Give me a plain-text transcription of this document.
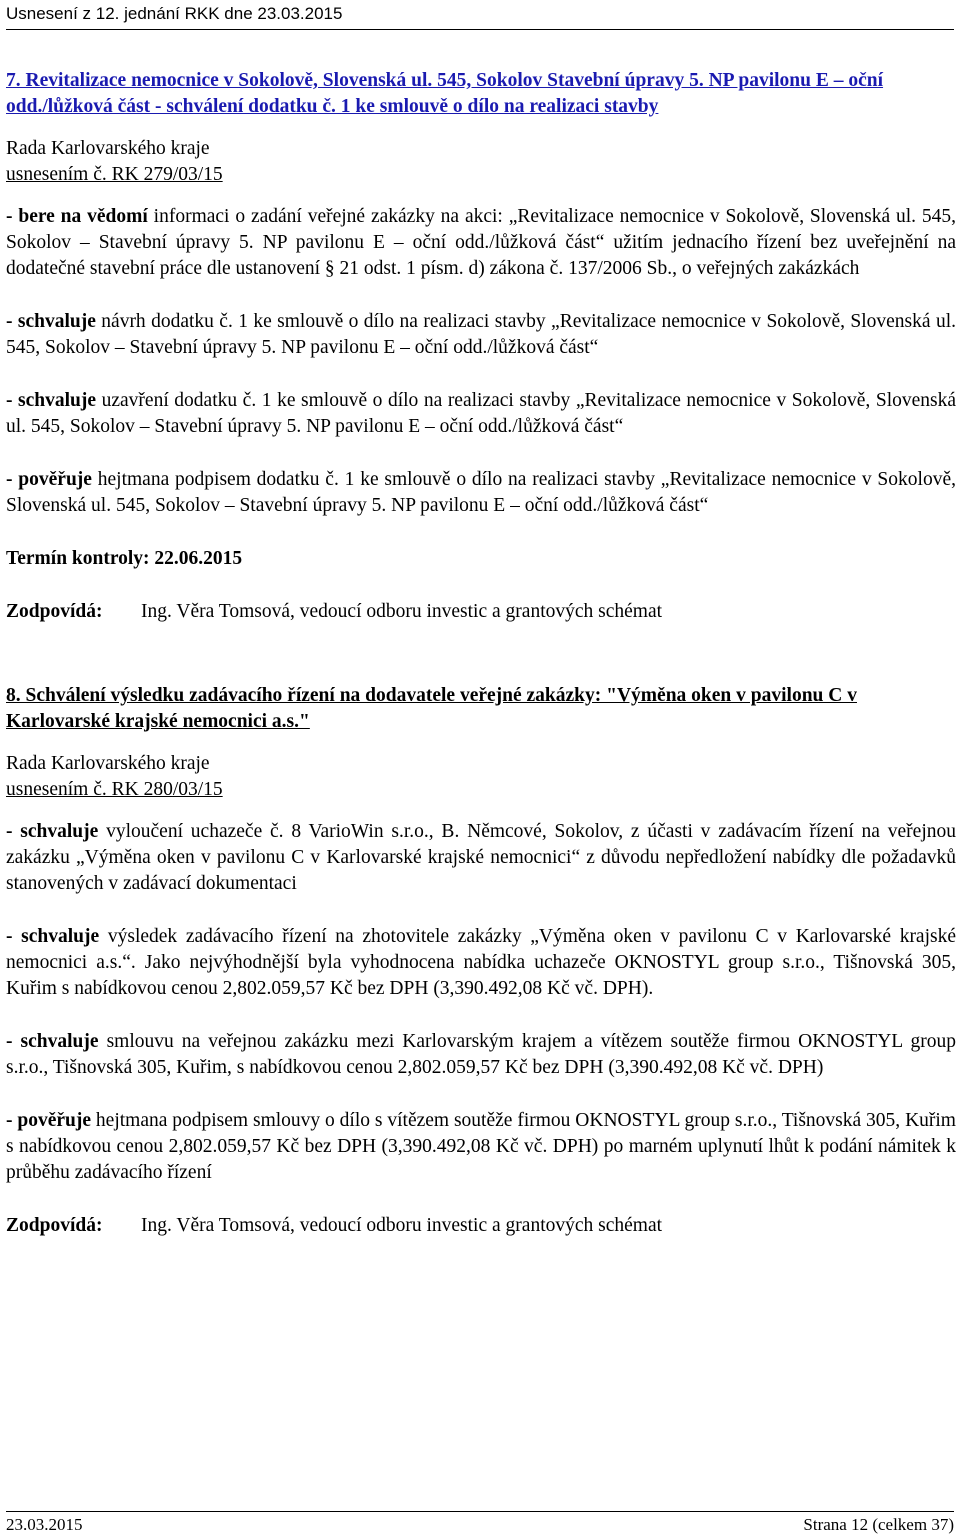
Usnesení z 12. jednání RKK dne 23.03.2015

7. Revitalizace nemocnice v Sokolově, Slovenská ul. 545, Sokolov Stavební úpravy 5. NP pavilonu E – oční odd./lůžková část - schválení dodatku č. 1 ke smlouvě o dílo na realizaci stavby

Rada Karlovarského kraje

usnesením č. RK 279/03/15

- bere na vědomí informaci o zadání veřejné zakázky na akci: „Revitalizace nemocnice v Sokolově, Slovenská ul. 545, Sokolov – Stavební úpravy 5. NP pavilonu E – oční odd./lůžková část“ užitím jednacího řízení bez uveřejnění na dodatečné stavební práce dle ustanovení § 21 odst. 1 písm. d) zákona č. 137/2006 Sb., o veřejných zakázkách

- schvaluje návrh dodatku č. 1 ke smlouvě o dílo na realizaci stavby „Revitalizace nemocnice v Sokolově, Slovenská ul. 545, Sokolov – Stavební úpravy 5. NP pavilonu E – oční odd./lůžková část“

- schvaluje uzavření dodatku č. 1 ke smlouvě o dílo na realizaci stavby „Revitalizace nemocnice v Sokolově, Slovenská ul. 545, Sokolov – Stavební úpravy 5. NP pavilonu E – oční odd./lůžková část“

- pověřuje hejtmana podpisem dodatku č. 1 ke smlouvě o dílo na realizaci stavby „Revitalizace nemocnice v Sokolově, Slovenská ul. 545, Sokolov – Stavební úpravy 5. NP pavilonu E – oční odd./lůžková část“

Termín kontroly: 22.06.2015

Zodpovídá:	Ing. Věra Tomsová, vedoucí odboru investic a grantových schémat

8. Schválení výsledku zadávacího řízení na dodavatele veřejné zakázky: "Výměna oken v pavilonu C v Karlovarské krajské nemocnici a.s."

Rada Karlovarského kraje

usnesením č. RK 280/03/15

- schvaluje vyloučení uchazeče č. 8 VarioWin s.r.o., B. Němcové, Sokolov, z účasti v zadávacím řízení na veřejnou zakázku „Výměna oken v pavilonu C v Karlovarské krajské nemocnici“ z důvodu nepředložení nabídky dle požadavků stanovených v zadávací dokumentaci

- schvaluje výsledek zadávacího řízení na zhotovitele zakázky „Výměna oken v pavilonu C v Karlovarské krajské nemocnici a.s.“. Jako nejvýhodnější byla vyhodnocena nabídka uchazeče OKNOSTYL group s.r.o., Tišnovská 305, Kuřim s nabídkovou cenou 2,802.059,57 Kč bez DPH (3,390.492,08 Kč vč. DPH).

- schvaluje smlouvu na veřejnou zakázku mezi Karlovarským krajem a vítězem soutěže firmou OKNOSTYL group s.r.o., Tišnovská 305, Kuřim, s nabídkovou cenou 2,802.059,57 Kč bez DPH (3,390.492,08 Kč vč. DPH)

- pověřuje hejtmana podpisem smlouvy o dílo s vítězem soutěže firmou OKNOSTYL group s.r.o., Tišnovská 305, Kuřim s nabídkovou cenou 2,802.059,57 Kč bez DPH (3,390.492,08 Kč vč. DPH) po marném uplynutí lhůt k podání námitek k průběhu zadávacího řízení

Zodpovídá:	Ing. Věra Tomsová, vedoucí odboru investic a grantových schémat

23.03.2015	Strana 12 (celkem 37)
